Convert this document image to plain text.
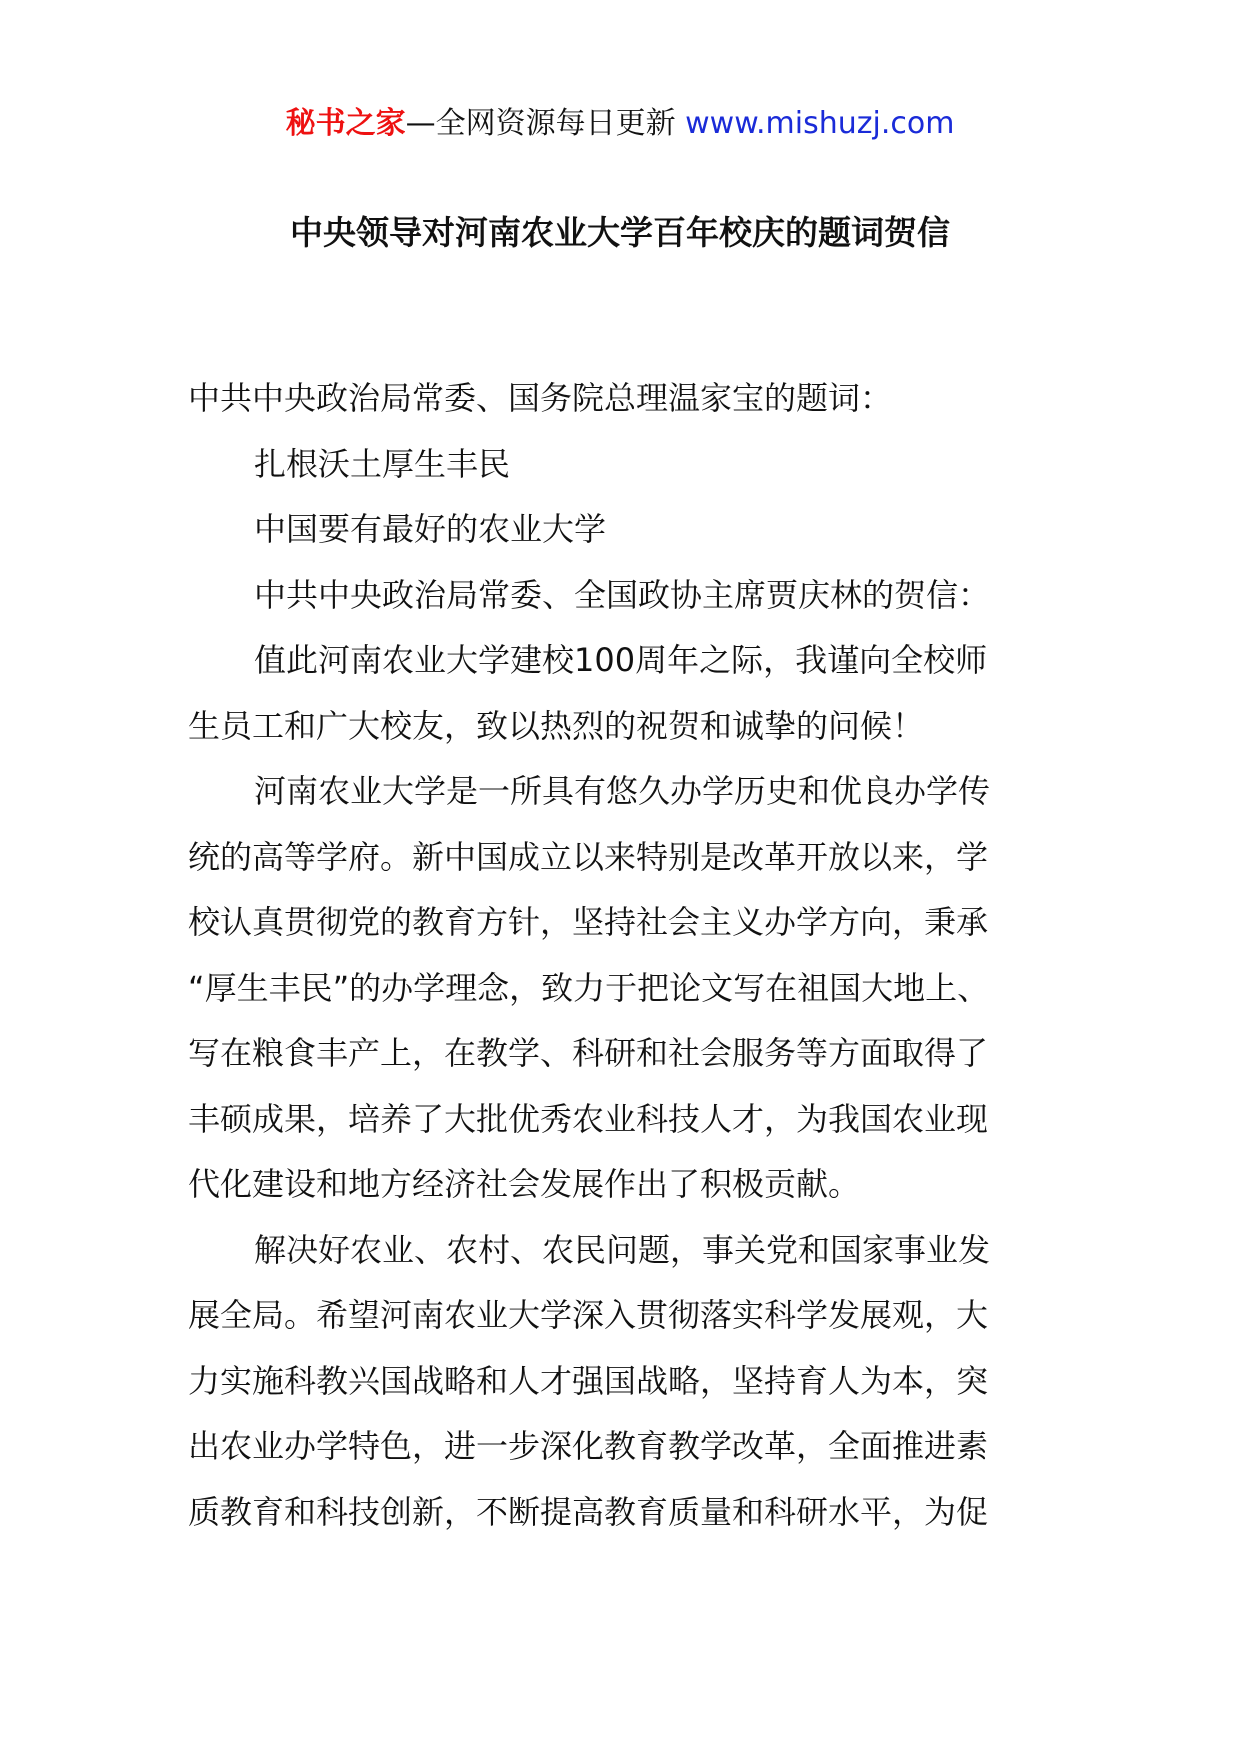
秘书之家—全网资源每日更新 www.mishuzj.com
中央领导对河南农业大学百年校庆的题词贺信

中共中央政治局常委、国务院总理温家宝的题词：

扎根沃土厚生丰民

中国要有最好的农业大学

中共中央政治局常委、全国政协主席贾庆林的贺信：

值此河南农业大学建校100周年之际，我谨向全校师

生员工和广大校友，致以热烈的祝贺和诚挚的问候！

河南农业大学是一所具有悠久办学历史和优良办学传

统的高等学府。新中国成立以来特别是改革开放以来，学

校认真贯彻党的教育方针，坚持社会主义办学方向，秉承

“厚生丰民”的办学理念，致力于把论文写在祖国大地上、

写在粮食丰产上，在教学、科研和社会服务等方面取得了

丰硕成果，培养了大批优秀农业科技人才，为我国农业现

代化建设和地方经济社会发展作出了积极贡献。

解决好农业、农村、农民问题，事关党和国家事业发

展全局。希望河南农业大学深入贯彻落实科学发展观，大

力实施科教兴国战略和人才强国战略，坚持育人为本，突

出农业办学特色，进一步深化教育教学改革，全面推进素

质教育和科技创新，不断提高教育质量和科研水平，为促
